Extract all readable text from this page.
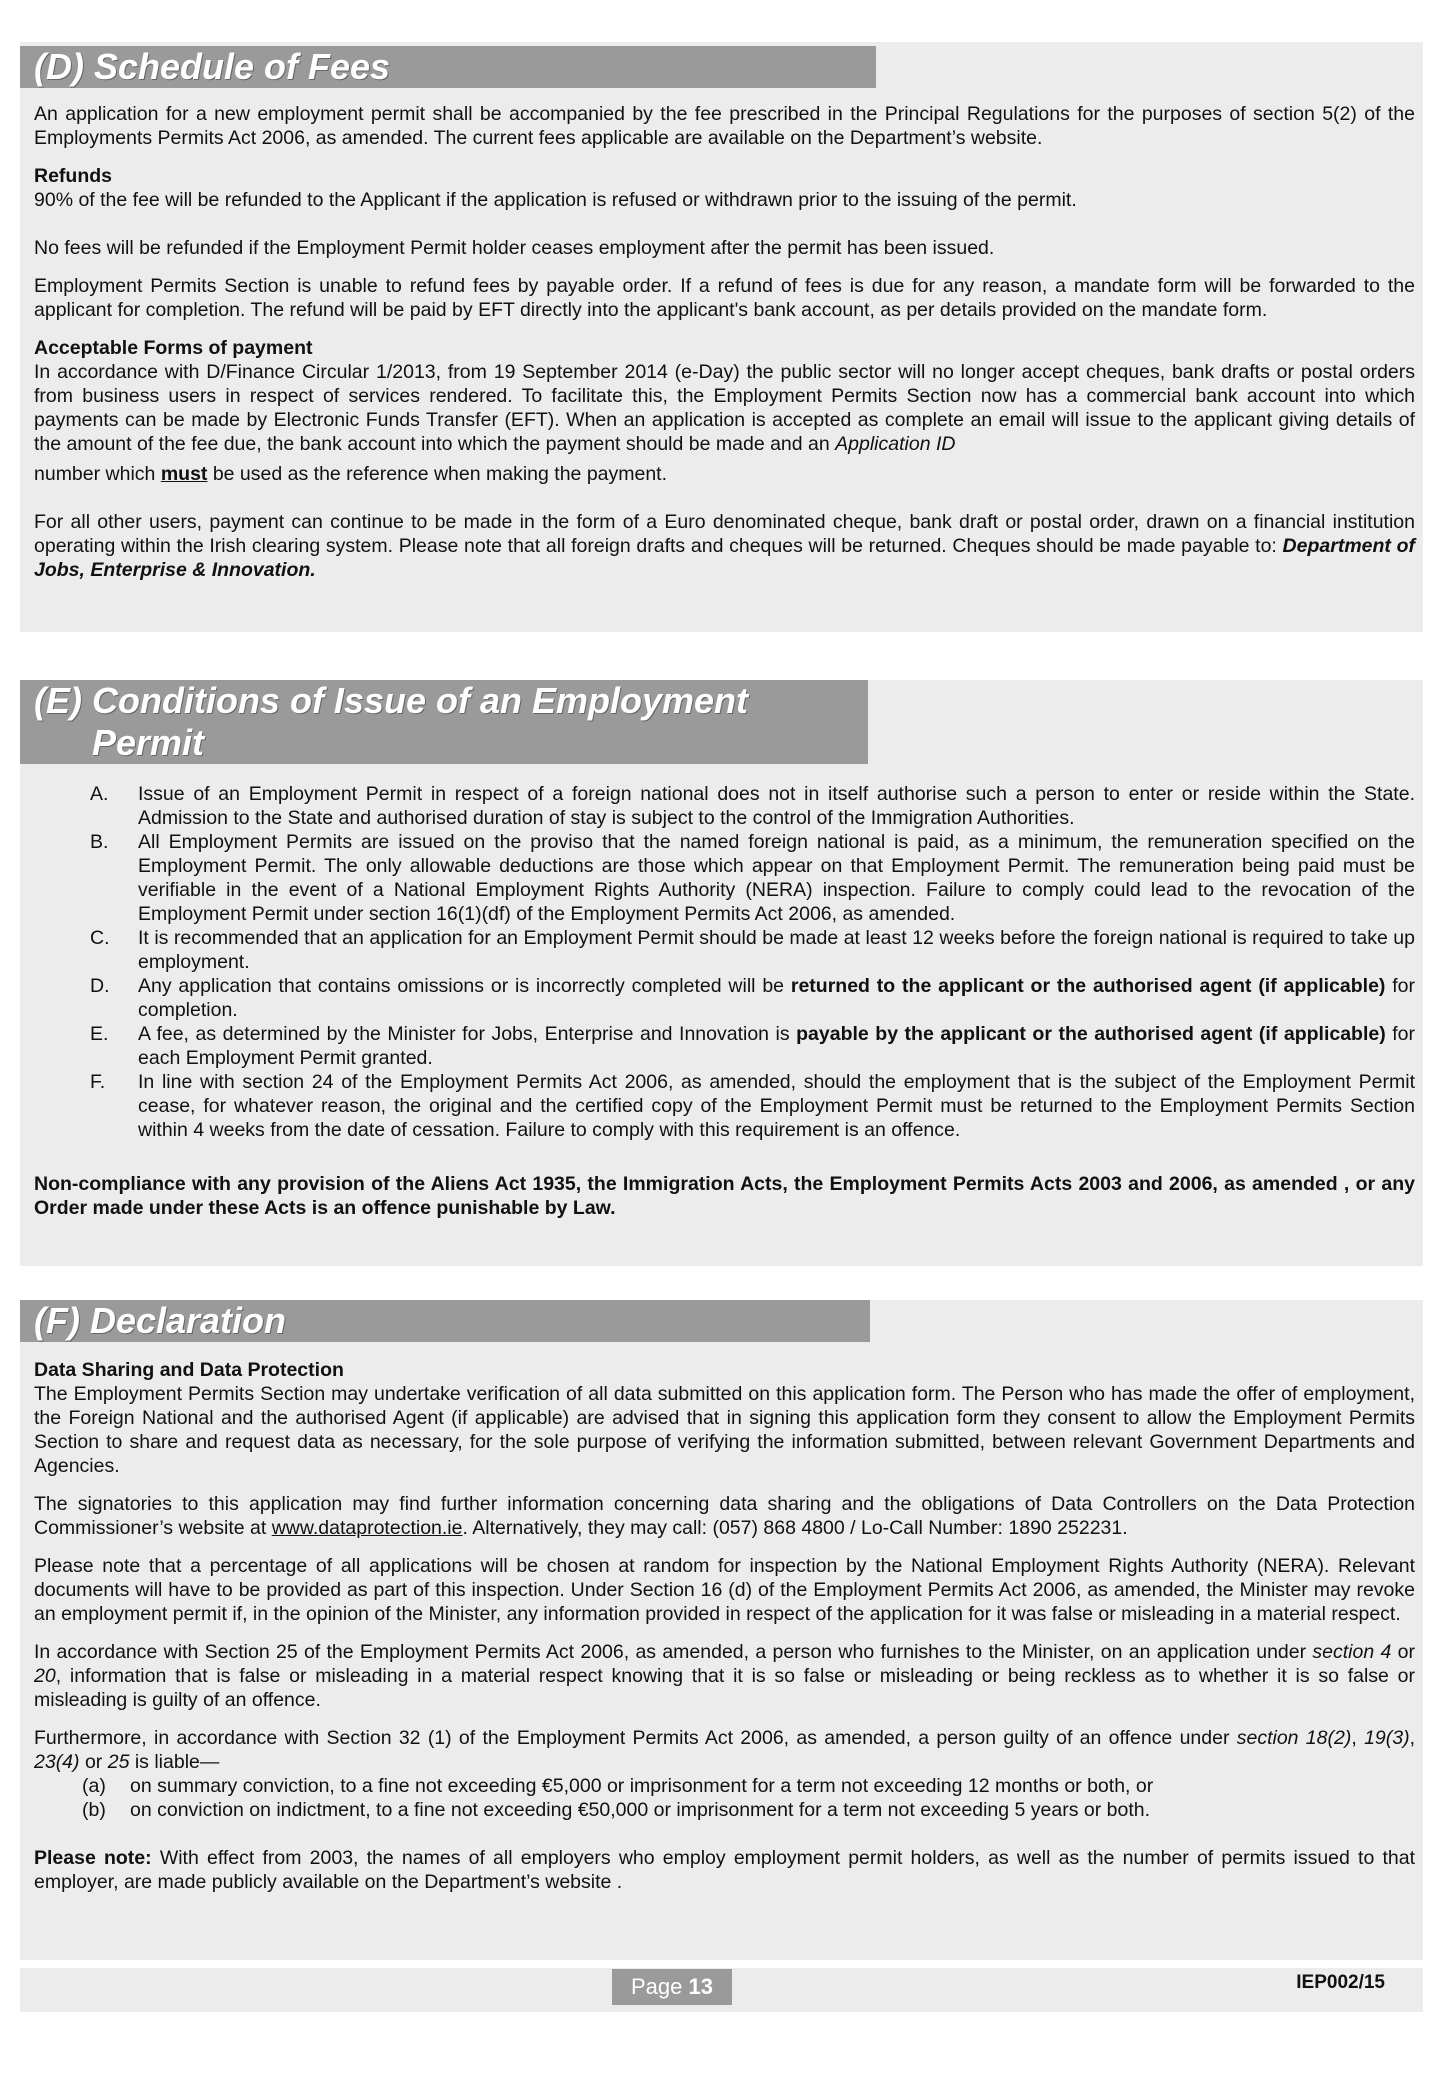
(D) Schedule of Fees

An application for a new employment permit shall be accompanied by the fee prescribed in the Principal Regulations for the purposes of section 5(2) of the Employments Permits Act 2006, as amended. The current fees applicable are available on the Department’s website.

Refunds

90% of the fee will be refunded to the Applicant if the application is refused or withdrawn prior to the issuing of the permit.

No fees will be refunded if the Employment Permit holder ceases employment after the permit has been issued.

Employment Permits Section is unable to refund fees by payable order. If a refund of fees is due for any reason, a mandate form will be forwarded to the applicant for completion. The refund will be paid by EFT directly into the applicant's bank account, as per details provided on the mandate form.

Acceptable Forms of payment

In accordance with D/Finance Circular 1/2013, from 19 September 2014 (e-Day) the public sector will no longer accept cheques, bank drafts or postal orders from business users in respect of services rendered. To facilitate this, the Employment Permits Section now has a commercial bank account into which payments can be made by Electronic Funds Transfer (EFT). When an application is accepted as complete an email will issue to the applicant giving details of the amount of the fee due, the bank account into which the payment should be made and an Application ID

number which must be used as the reference when making the payment.

For all other users, payment can continue to be made in the form of a Euro denominated cheque, bank draft or postal order, drawn on a financial institution operating within the Irish clearing system. Please note that all foreign drafts and cheques will be returned. Cheques should be made payable to: Department of Jobs, Enterprise & Innovation.

(E) Conditions of Issue of an Employment
Permit
A.	Issue of an Employment Permit in respect of a foreign national does not in itself authorise such a person to enter or reside within the State. Admission to the State and authorised duration of stay is subject to the control of the Immigration Authorities.
B.	All Employment Permits are issued on the proviso that the named foreign national is paid, as a minimum, the remuneration specified on the Employment Permit. The only allowable deductions are those which appear on that Employment Permit. The remuneration being paid must be verifiable in the event of a National Employment Rights Authority (NERA) inspection. Failure to comply could lead to the revocation of the Employment Permit under section 16(1)(df) of the Employment Permits Act 2006, as amended.
C.	It is recommended that an application for an Employment Permit should be made at least 12 weeks before the foreign national is required to take up employment.
D.	Any application that contains omissions or is incorrectly completed will be returned to the applicant or the authorised agent (if applicable) for completion.
E.	A fee, as determined by the Minister for Jobs, Enterprise and Innovation is payable by the applicant or the authorised agent (if applicable) for each Employment Permit granted.
F.	In line with section 24 of the Employment Permits Act 2006, as amended, should the employment that is the subject of the Employment Permit cease, for whatever reason, the original and the certified copy of the Employment Permit must be returned to the Employment Permits Section within 4 weeks from the date of cessation. Failure to comply with this requirement is an offence.

Non-compliance with any provision of the Aliens Act 1935, the Immigration Acts, the Employment Permits Acts 2003 and 2006, as amended , or any Order made under these Acts is an offence punishable by Law.

(F) Declaration

Data Sharing and Data Protection

The Employment Permits Section may undertake verification of all data submitted on this application form. The Person who has made the offer of employment, the Foreign National and the authorised Agent (if applicable) are advised that in signing this application form they consent to allow the Employment Permits Section to share and request data as necessary, for the sole purpose of verifying the information submitted, between relevant Government Departments and Agencies.

The signatories to this application may find further information concerning data sharing and the obligations of Data Controllers on the Data Protection Commissioner’s website at www.dataprotection.ie. Alternatively, they may call: (057) 868 4800 / Lo-Call Number: 1890 252231.

Please note that a percentage of all applications will be chosen at random for inspection by the National Employment Rights Authority (NERA). Relevant documents will have to be provided as part of this inspection. Under Section 16 (d) of the Employment Permits Act 2006, as amended, the Minister may revoke an employment permit if, in the opinion of the Minister, any information provided in respect of the application for it was false or misleading in a material respect.

In accordance with Section 25 of the Employment Permits Act 2006, as amended, a person who furnishes to the Minister, on an application under section 4 or 20, information that is false or misleading in a material respect knowing that it is so false or misleading or being reckless as to whether it is so false or misleading is guilty of an offence.

Furthermore, in accordance with Section 32 (1) of the Employment Permits Act 2006, as amended, a person guilty of an offence under section 18(2), 19(3), 23(4) or 25 is liable—

(a)	on summary conviction, to a fine not exceeding €5,000 or imprisonment for a term not exceeding 12 months or both, or
(b)	on conviction on indictment, to a fine not exceeding €50,000 or imprisonment for a term not exceeding 5 years or both.

Please note: With effect from 2003, the names of all employers who employ employment permit holders, as well as the number of permits issued to that employer, are made publicly available on the Department’s website .

Page 13	IEP002/15
